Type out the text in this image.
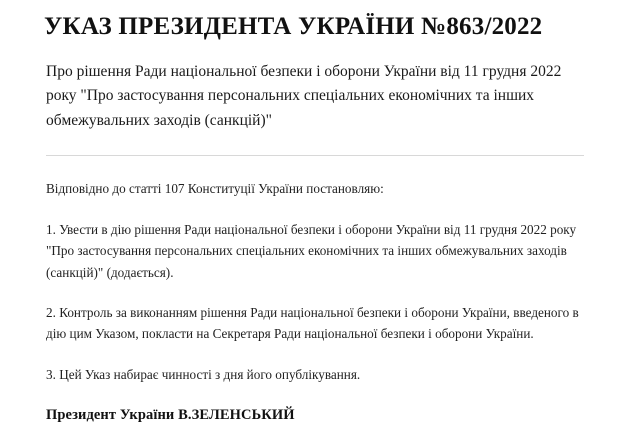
УКАЗ ПРЕЗИДЕНТА УКРАЇНИ №863/2022

Про рішення Ради національної безпеки і оборони України від 11 грудня 2022 року "Про застосування персональних спеціальних економічних та інших обмежувальних заходів (санкцій)"

Відповідно до статті 107 Конституції України постановляю:

1. Увести в дію рішення Ради національної безпеки і оборони України від 11 грудня 2022 року "Про застосування персональних спеціальних економічних та інших обмежувальних заходів (санкцій)" (додається).

2. Контроль за виконанням рішення Ради національної безпеки і оборони України, введеного в дію цим Указом, покласти на Секретаря Ради національної безпеки і оборони України.

3. Цей Указ набирає чинності з дня його опублікування.

Президент України В.ЗЕЛЕНСЬКИЙ
